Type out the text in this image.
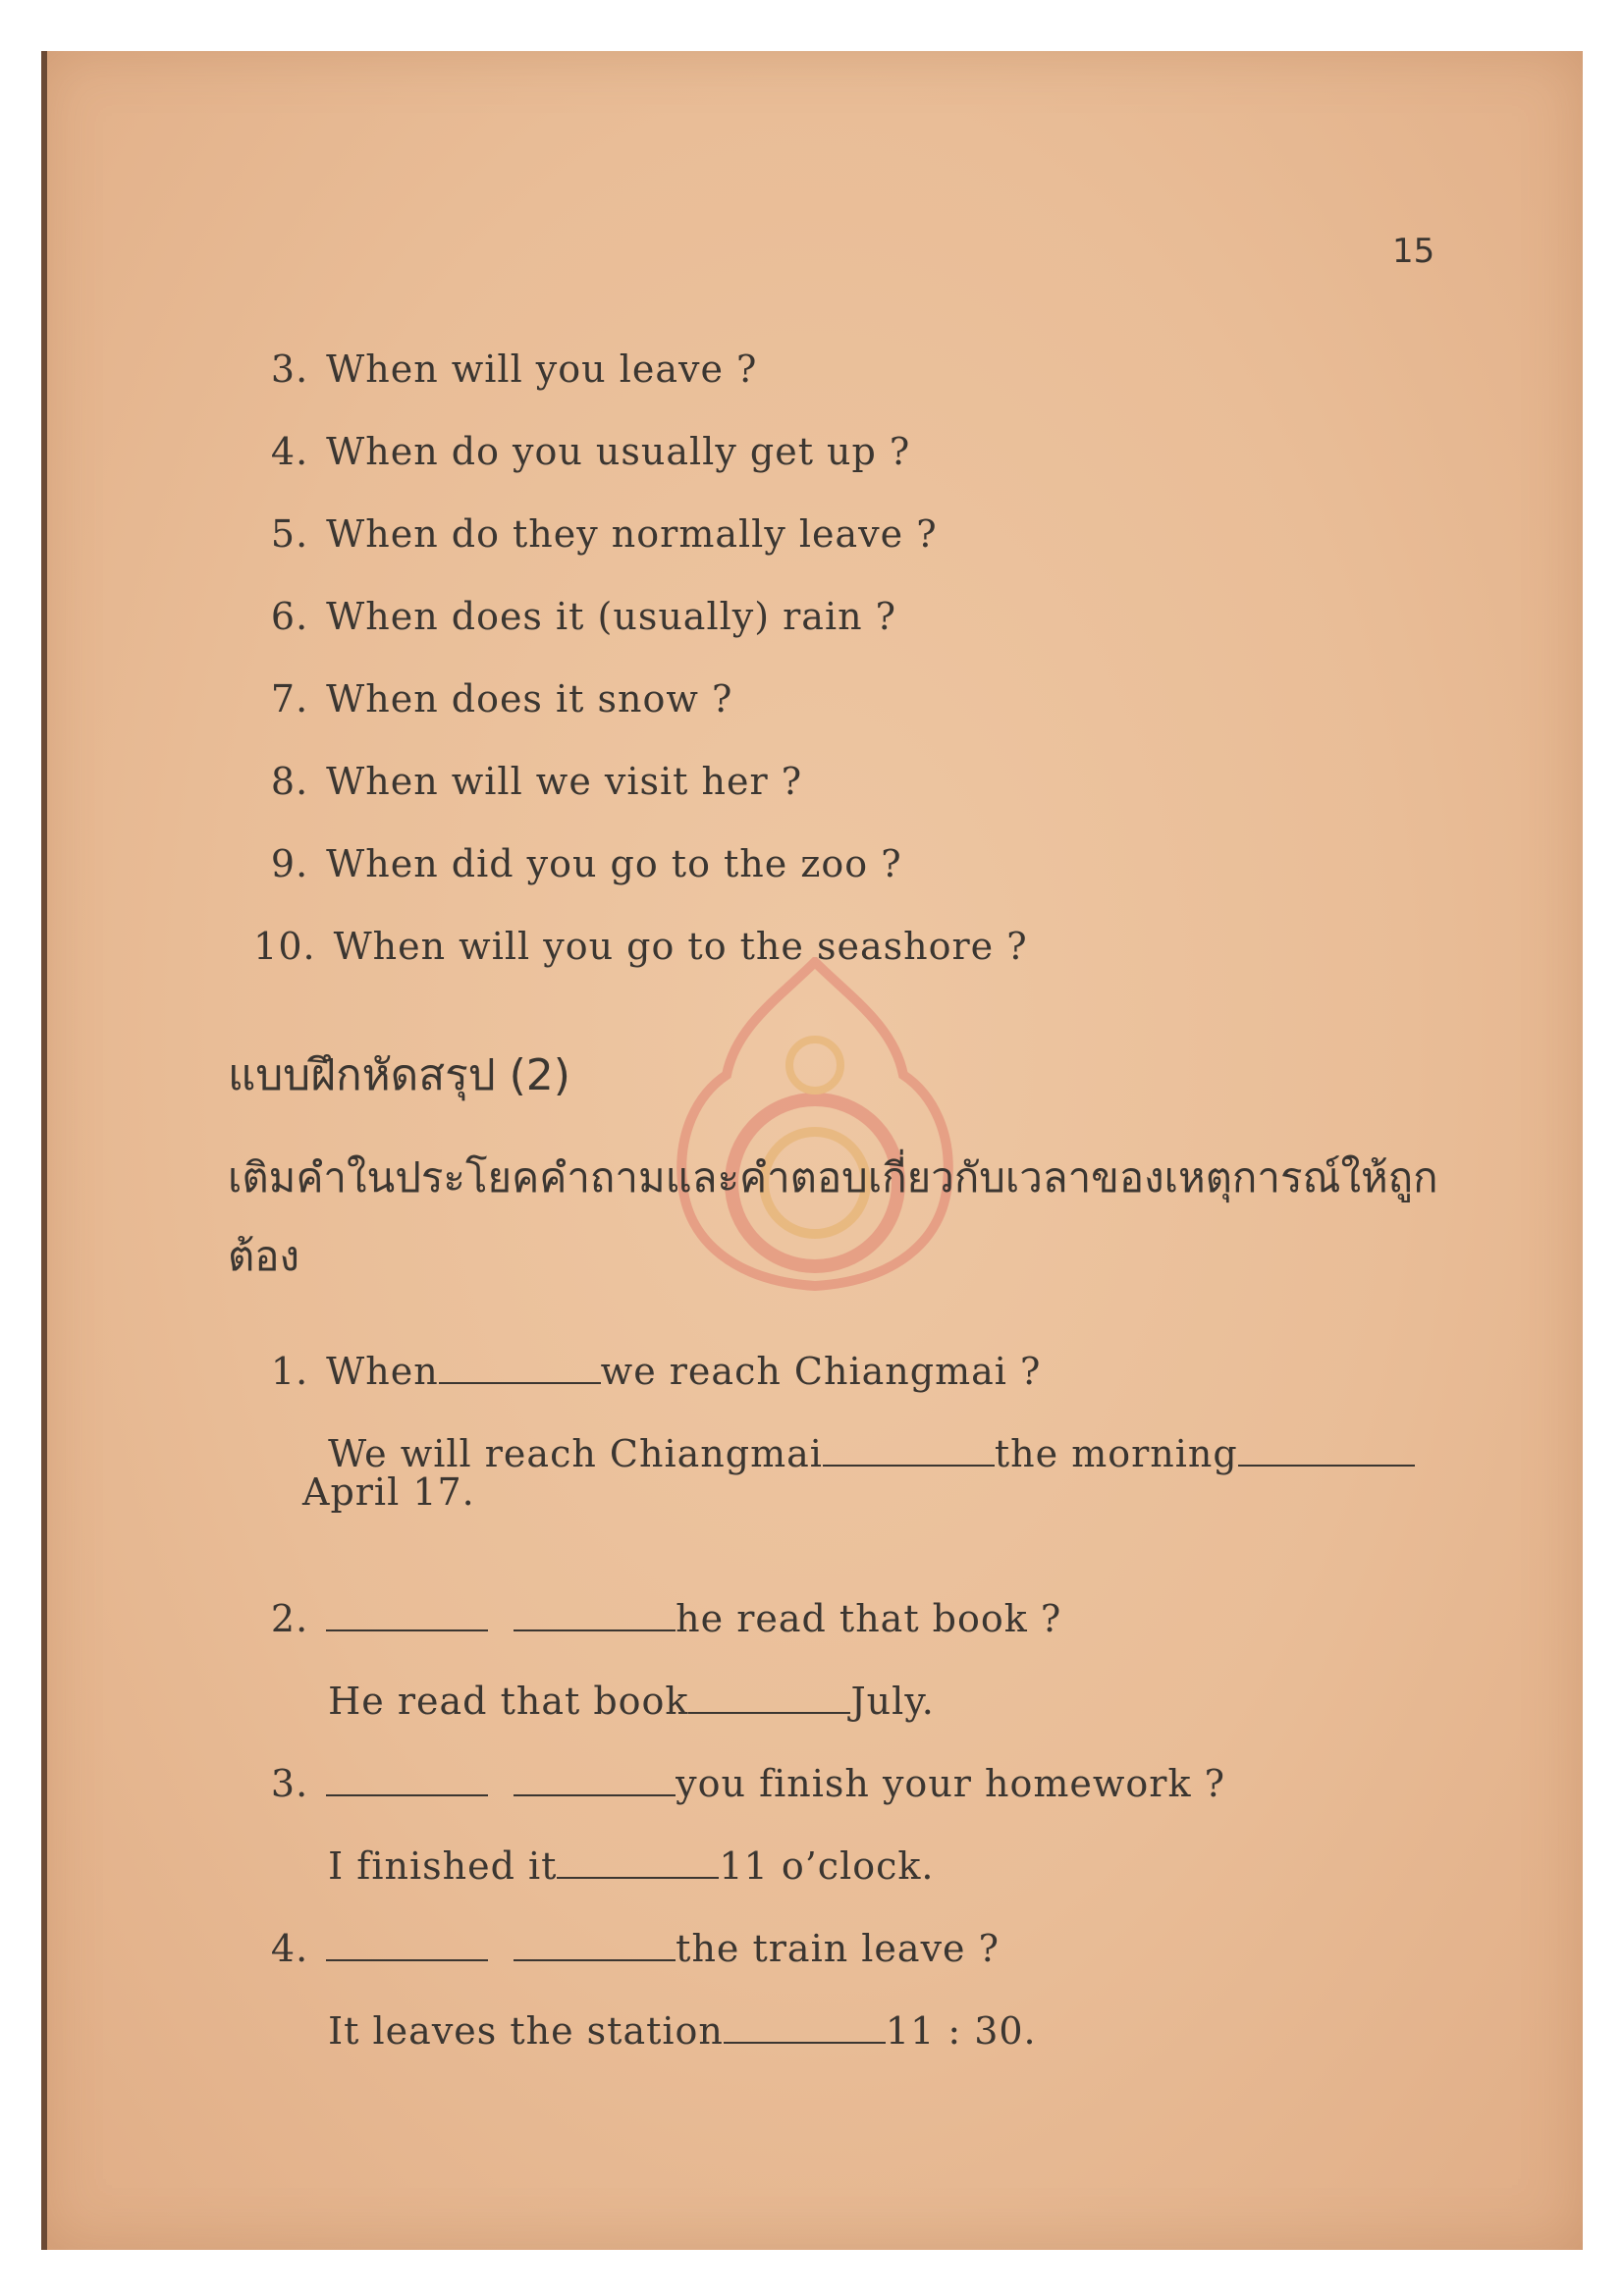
15

3. When will you leave ?

4. When do you usually get up ?

5. When do they normally leave ?

6. When does it (usually) rain ?

7. When does it snow ?

8. When will we visit her ?

9. When did you go to the zoo ?

10. When will you go to the seashore ?

แบบฝึกหัดสรุป (2)
เติมคำในประโยคคำถามและคำตอบเกี่ยวกับเวลาของเหตุการณ์ให้ถูกต้อง

1. When	we reach Chiangmai ?

We will reach Chiangmai	the morning

April 17.

2.	he read that book ?

He read that book	July.

3.	you finish your homework ?

I finished it	11 o’clock.

4.	the train leave ?

It leaves the station	11 : 30.
